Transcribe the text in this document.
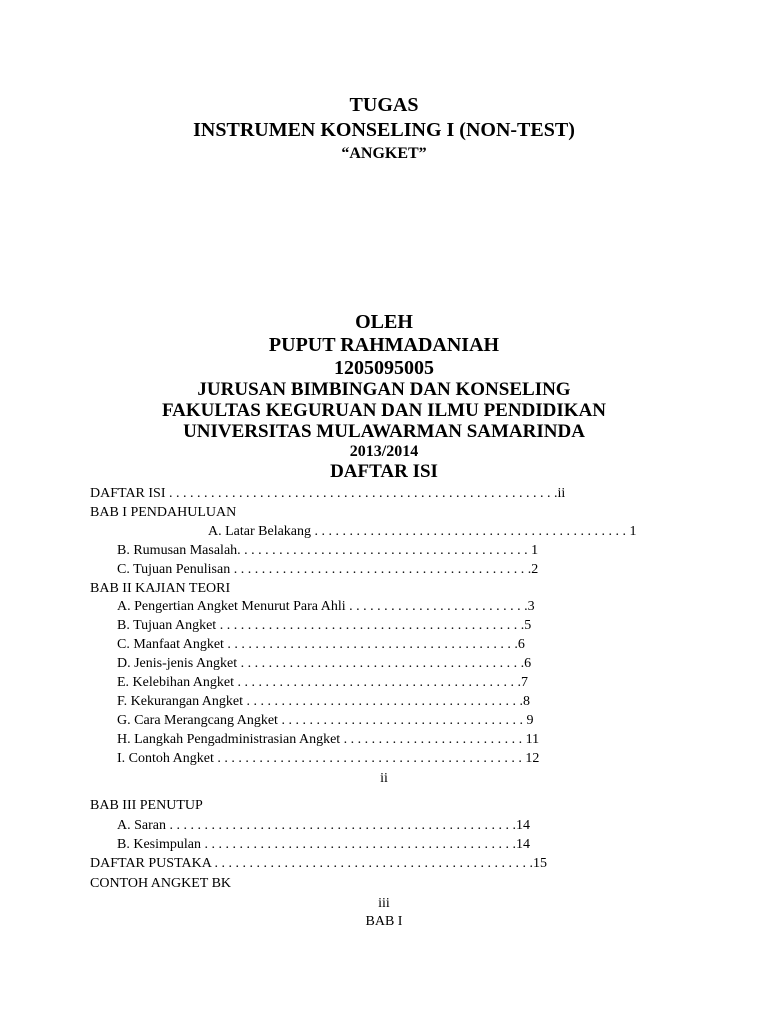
TUGAS
INSTRUMEN KONSELING I (NON-TEST)
“ANGKET”
OLEH
PUPUT RAHMADANIAH
1205095005
JURUSAN BIMBINGAN DAN KONSELING
FAKULTAS KEGURUAN DAN ILMU PENDIDIKAN
UNIVERSITAS MULAWARMAN SAMARINDA
2013/2014
DAFTAR ISI
DAFTAR ISI . . . . . . . . . . . . . . . . . . . . . . . . . . . . . . . . . . . . . . . . . . . . . . . . . . . . . . . .ii
BAB I PENDAHULUAN
A. Latar Belakang . . . . . . . . . . . . . . . . . . . . . . . . . . . . . . . . . . . . . . . . . . . . . 1
B. Rumusan Masalah. . . . . . . . . . . . . . . . . . . . . . . . . . . . . . . . . . . . . . . . . . 1
C. Tujuan Penulisan . . . . . . . . . . . . . . . . . . . . . . . . . . . . . . . . . . . . . . . . . . .2
BAB II KAJIAN TEORI
A. Pengertian Angket Menurut Para Ahli . . . . . . . . . . . . . . . . . . . . . . . . . .3
B. Tujuan Angket . . . . . . . . . . . . . . . . . . . . . . . . . . . . . . . . . . . . . . . . . . . .5
C. Manfaat Angket . . . . . . . . . . . . . . . . . . . . . . . . . . . . . . . . . . . . . . . . . .6
D. Jenis-jenis Angket . . . . . . . . . . . . . . . . . . . . . . . . . . . . . . . . . . . . . . . . .6
E. Kelebihan Angket . . . . . . . . . . . . . . . . . . . . . . . . . . . . . . . . . . . . . . . . .7
F. Kekurangan Angket . . . . . . . . . . . . . . . . . . . . . . . . . . . . . . . . . . . . . . . .8
G. Cara Merangcang Angket . . . . . . . . . . . . . . . . . . . . . . . . . . . . . . . . . . . 9
H. Langkah Pengadministrasian Angket . . . . . . . . . . . . . . . . . . . . . . . . . . 11
I. Contoh Angket . . . . . . . . . . . . . . . . . . . . . . . . . . . . . . . . . . . . . . . . . . . . 12
ii
BAB III PENUTUP
A. Saran . . . . . . . . . . . . . . . . . . . . . . . . . . . . . . . . . . . . . . . . . . . . . . . . . .14
B. Kesimpulan . . . . . . . . . . . . . . . . . . . . . . . . . . . . . . . . . . . . . . . . . . . . .14
DAFTAR PUSTAKA . . . . . . . . . . . . . . . . . . . . . . . . . . . . . . . . . . . . . . . . . . . . . .15
CONTOH ANGKET BK
iii
BAB I
